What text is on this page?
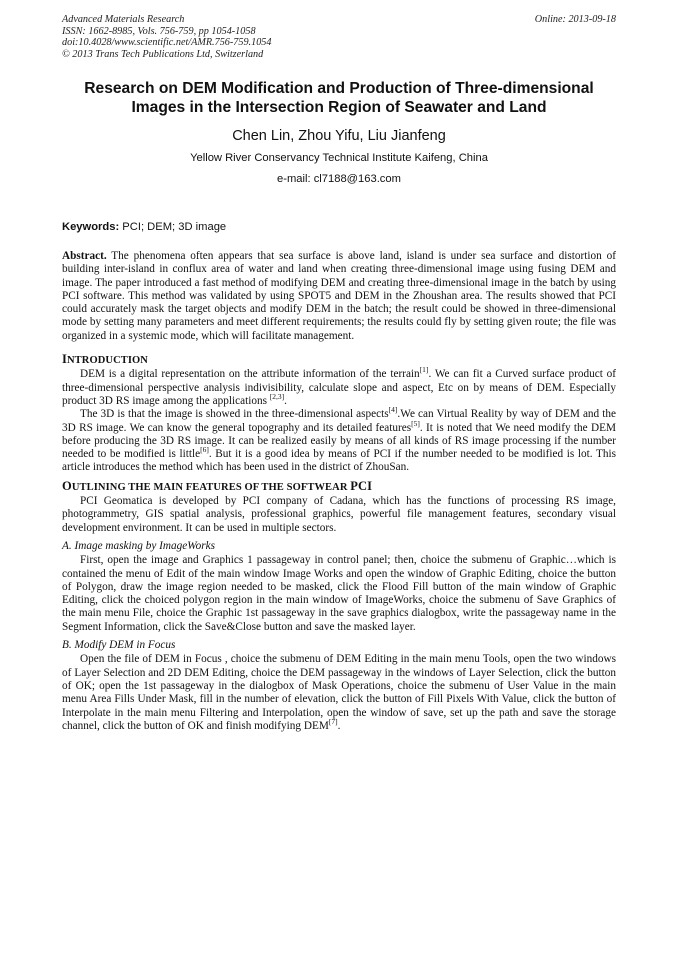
Advanced Materials Research
ISSN: 1662-8985, Vols. 756-759, pp 1054-1058
doi:10.4028/www.scientific.net/AMR.756-759.1054
© 2013 Trans Tech Publications Ltd, Switzerland
Online: 2013-09-18
Research on DEM Modification and Production of Three-dimensional
Images in the Intersection Region of Seawater and Land
Chen Lin, Zhou Yifu, Liu Jianfeng
Yellow River Conservancy Technical Institute Kaifeng, China
e-mail: cl7188@163.com
Keywords: PCI; DEM; 3D image

Abstract. The phenomena often appears that sea surface is above land, island is under sea surface and distortion of building inter-island in conflux area of water and land when creating three-dimensional image using fusing DEM and image. The paper introduced a fast method of modifying DEM and creating three-dimensional image in the batch by using PCI software. This method was validated by using SPOT5 and DEM in the Zhoushan area. The results showed that PCI could accurately mask the target objects and modify DEM in the batch; the result could be showed in three-dimensional mode by setting many parameters and meet different requirements; the results could fly by setting given route; the file was organized in a systemic mode, which will facilitate management.

INTRODUCTION

DEM is a digital representation on the attribute information of the terrain[1]. We can fit a Curved surface product of three-dimensional perspective analysis indivisibility, calculate slope and aspect, Etc on by means of DEM. Especially product 3D RS image among the applications [2,3].

The 3D is that the image is showed in the three-dimensional aspects[4].We can Virtual Reality by way of DEM and the 3D RS image. We can know the general topography and its detailed features[5]. It is noted that We need modify the DEM before producing the 3D RS image. It can be realized easily by means of all kinds of RS image processing if the number needed to be modified is little[6]. But it is a good idea by means of PCI if the number needed to be modified is lot. This article introduces the method which has been used in the district of ZhouSan.

OUTLINING THE MAIN FEATURES OF THE SOFTWEAR PCI

PCI Geomatica is developed by PCI company of Cadana, which has the functions of processing RS image, photogrammetry, GIS spatial analysis, professional graphics, powerful file management features, secondary visual development environment. It can be used in multiple sectors.

A. Image masking by ImageWorks

First, open the image and Graphics 1 passageway in control panel; then, choice the submenu of Graphic…which is contained the menu of Edit of the main window Image Works and open the window of Graphic Editing, choice the button of Polygon, draw the image region needed to be masked, click the Flood Fill button of the main window of Graphic Editing, click the choiced polygon region in the main window of ImageWorks, choice the submenu of Save Graphics of the main menu File, choice the Graphic 1st passageway in the save graphics dialogbox, write the passageway name in the Segment Information, click the Save&Close button and save the masked layer.

B. Modify DEM in Focus

Open the file of DEM in Focus , choice the submenu of DEM Editing in the main menu Tools, open the two windows of Layer Selection and 2D DEM Editing, choice the DEM passageway in the windows of Layer Selection, click the button of OK; open the 1st passageway in the dialogbox of Mask Operations, choice the submenu of User Value in the main menu Area Fills Under Mask, fill in the number of elevation, click the button of Fill Pixels With Value, click the button of Interpolate in the main menu Filtering and Interpolation, open the window of save, set up the path and save the storage channel, click the button of OK and finish modifying DEM[7].
